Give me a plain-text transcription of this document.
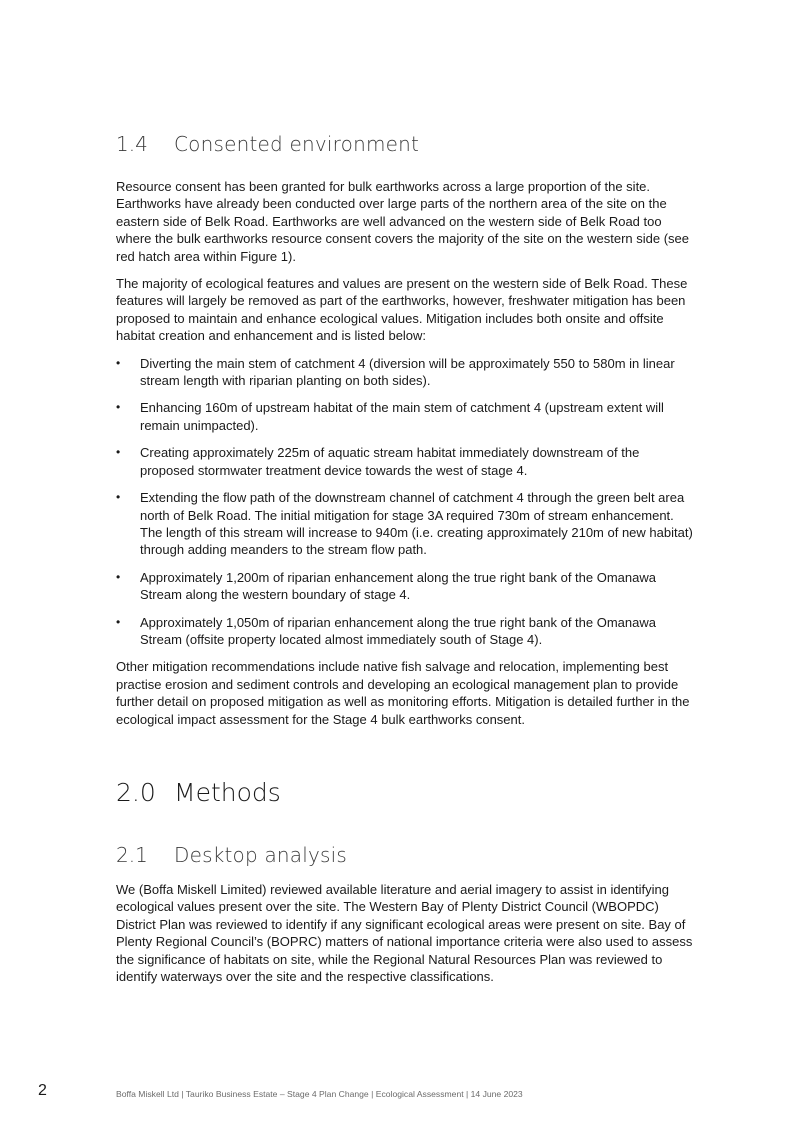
1.4	Consented environment

Resource consent has been granted for bulk earthworks across a large proportion of the site. Earthworks have already been conducted over large parts of the northern area of the site on the eastern side of Belk Road. Earthworks are well advanced on the western side of Belk Road too where the bulk earthworks resource consent covers the majority of the site on the western side (see red hatch area within Figure 1).

The majority of ecological features and values are present on the western side of Belk Road. These features will largely be removed as part of the earthworks, however, freshwater mitigation has been proposed to maintain and enhance ecological values. Mitigation includes both onsite and offsite habitat creation and enhancement and is listed below:

• Diverting the main stem of catchment 4 (diversion will be approximately 550 to 580m in linear stream length with riparian planting on both sides).
• Enhancing 160m of upstream habitat of the main stem of catchment 4 (upstream extent will remain unimpacted).
• Creating approximately 225m of aquatic stream habitat immediately downstream of the proposed stormwater treatment device towards the west of stage 4.
• Extending the flow path of the downstream channel of catchment 4 through the green belt area north of Belk Road. The initial mitigation for stage 3A required 730m of stream enhancement. The length of this stream will increase to 940m (i.e. creating approximately 210m of new habitat) through adding meanders to the stream flow path.
• Approximately 1,200m of riparian enhancement along the true right bank of the Omanawa Stream along the western boundary of stage 4.
• Approximately 1,050m of riparian enhancement along the true right bank of the Omanawa Stream (offsite property located almost immediately south of Stage 4).

Other mitigation recommendations include native fish salvage and relocation, implementing best practise erosion and sediment controls and developing an ecological management plan to provide further detail on proposed mitigation as well as monitoring efforts. Mitigation is detailed further in the ecological impact assessment for the Stage 4 bulk earthworks consent.

2.0 Methods
2.1	Desktop analysis

We (Boffa Miskell Limited) reviewed available literature and aerial imagery to assist in identifying ecological values present over the site. The Western Bay of Plenty District Council (WBOPDC) District Plan was reviewed to identify if any significant ecological areas were present on site. Bay of Plenty Regional Council’s (BOPRC) matters of national importance criteria were also used to assess the significance of habitats on site, while the Regional Natural Resources Plan was reviewed to identify waterways over the site and the respective classifications.

2	Boffa Miskell Ltd | Tauriko Business Estate – Stage 4 Plan Change | Ecological Assessment | 14 June 2023
